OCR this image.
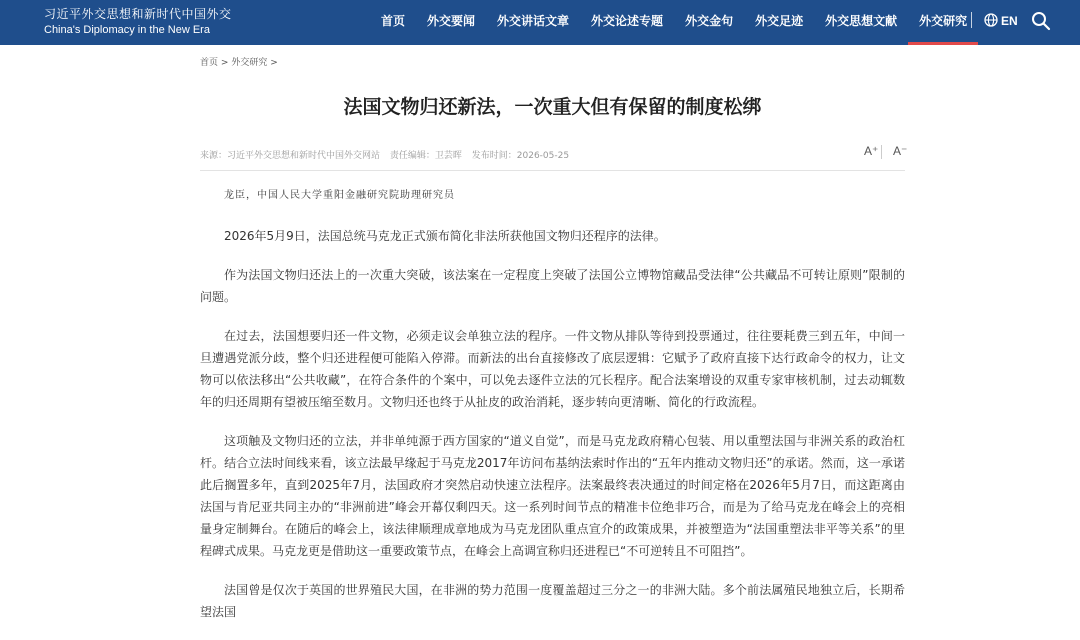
习近平外交思想和新时代中国外交
China's Diplomacy in the New Era
首页	外交要闻	外交讲话文章	外交论述专题	外交金句	外交足迹	外交思想文献	外交研究	EN
首页 > 外交研究 >
法国文物归还新法，一次重大但有保留的制度松绑
来源：习近平外交思想和新时代中国外交网站 责任编辑：卫芸晖 发布时间：2026-05-25	A⁺ A⁻
龙臣，中国人民大学重阳金融研究院助理研究员

2026年5月9日，法国总统马克龙正式颁布简化非法所获他国文物归还程序的法律。

作为法国文物归还法上的一次重大突破，该法案在一定程度上突破了法国公立博物馆藏品受法律“公共藏品不可转让原则”限制的问题。

在过去，法国想要归还一件文物，必须走议会单独立法的程序。一件文物从排队等待到投票通过，往往要耗费三到五年，中间一旦遭遇党派分歧，整个归还进程便可能陷入停滞。而新法的出台直接修改了底层逻辑：它赋予了政府直接下达行政命令的权力，让文物可以依法移出“公共收藏”，在符合条件的个案中，可以免去逐件立法的冗长程序。配合法案增设的双重专家审核机制，过去动辄数年的归还周期有望被压缩至数月。文物归还也终于从扯皮的政治消耗，逐步转向更清晰、简化的行政流程。

这项触及文物归还的立法，并非单纯源于西方国家的“道义自觉”，而是马克龙政府精心包装、用以重塑法国与非洲关系的政治杠杆。结合立法时间线来看，该立法最早缘起于马克龙2017年访问布基纳法索时作出的“五年内推动文物归还”的承诺。然而，这一承诺此后搁置多年，直到2025年7月，法国政府才突然启动快速立法程序。法案最终表决通过的时间定格在2026年5月7日，而这距离由法国与肯尼亚共同主办的“非洲前进”峰会开幕仅剩四天。这一系列时间节点的精准卡位绝非巧合，而是为了给马克龙在峰会上的亮相量身定制舞台。在随后的峰会上，该法律顺理成章地成为马克龙团队重点宣介的政策成果，并被塑造为“法国重塑法非平等关系”的里程碑式成果。马克龙更是借助这一重要政策节点，在峰会上高调宣称归还进程已“不可逆转且不可阻挡”。

法国曾是仅次于英国的世界殖民大国，在非洲的势力范围一度覆盖超过三分之一的非洲大陆。多个前法属殖民地独立后，长期希望法国
